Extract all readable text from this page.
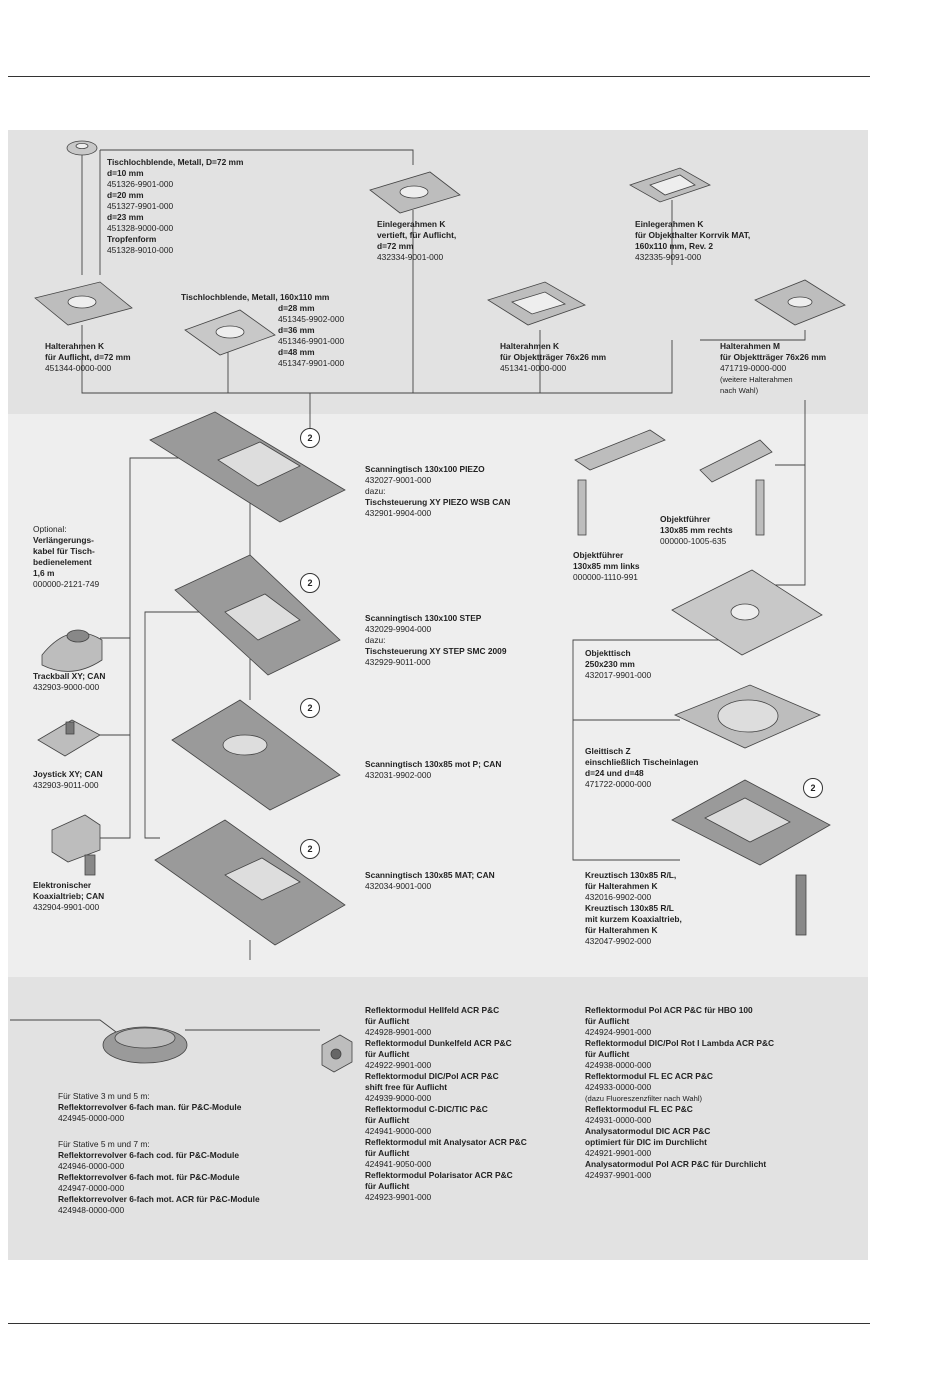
2
2
2
2
2
Tischlochblende, Metall, D=72 mm
d=10 mm
451326-9901-000
d=20 mm
451327-9901-000
d=23 mm
451328-9000-000
Tropfenform
451328-9010-000
Einlegerahmen K
vertieft, für Auflicht,
d=72 mm
432334-9001-000
Einlegerahmen K
für Objekthalter Korrvik MAT,
160x110 mm, Rev. 2
432335-9091-000
Tischlochblende, Metall, 160x110 mm
d=28 mm
451345-9902-000
d=36 mm
451346-9901-000
d=48 mm
451347-9901-000
Halterahmen K
für Auflicht, d=72 mm
451344-0000-000
Halterahmen K
für Objektträger 76x26 mm
451341-0000-000
Halterahmen M
für Objektträger 76x26 mm
471719-0000-000
(weitere Halterahmen
nach Wahl)
Scanningtisch 130x100 PIEZO
432027-9001-000
dazu:
Tischsteuerung XY PIEZO WSB CAN
432901-9904-000
Optional:
Verlängerungs-
kabel für Tisch-
bedienelement
1,6 m
000000-2121-749
Scanningtisch 130x100 STEP
432029-9904-000
dazu:
Tischsteuerung XY STEP SMC 2009
432929-9011-000
Trackball XY; CAN
432903-9000-000
Joystick XY; CAN
432903-9011-000
Scanningtisch 130x85 mot P; CAN
432031-9902-000
Elektronischer
Koaxialtrieb; CAN
432904-9901-000
Scanningtisch 130x85 MAT; CAN
432034-9001-000
Objektführer
130x85 mm rechts
000000-1005-635
Objektführer
130x85 mm links
000000-1110-991
Objekttisch
250x230 mm
432017-9901-000
Gleittisch Z
einschließlich Tischeinlagen
d=24 und d=48
471722-0000-000
Kreuztisch 130x85 R/L,
für Halterahmen K
432016-9902-000
Kreuztisch 130x85 R/L
mit kurzem Koaxialtrieb,
für Halterahmen K
432047-9902-000
Für Stative 3 m und 5 m:
Reflektorrevolver 6-fach man. für P&C-Module
424945-0000-000
Für Stative 5 m und 7 m:
Reflektorrevolver 6-fach cod. für P&C-Module
424946-0000-000
Reflektorrevolver 6-fach mot. für P&C-Module
424947-0000-000
Reflektorrevolver 6-fach mot. ACR für P&C-Module
424948-0000-000
Reflektormodul Hellfeld ACR P&C
für Auflicht
424928-9901-000
Reflektormodul Dunkelfeld ACR P&C
für Auflicht
424922-9901-000
Reflektormodul DIC/Pol ACR P&C
shift free für Auflicht
424939-9000-000
Reflektormodul C-DIC/TIC P&C
für Auflicht
424941-9000-000
Reflektormodul mit Analysator ACR P&C
für Auflicht
424941-9050-000
Reflektormodul Polarisator ACR P&C
für Auflicht
424923-9901-000
Reflektormodul Pol ACR P&C für HBO 100
für Auflicht
424924-9901-000
Reflektormodul DIC/Pol Rot I Lambda ACR P&C
für Auflicht
424938-0000-000
Reflektormodul FL EC ACR P&C
424933-0000-000
(dazu Fluoreszenzfilter nach Wahl)
Reflektormodul FL EC P&C
424931-0000-000
Analysatormodul DIC ACR P&C
optimiert für DIC im Durchlicht
424921-9901-000
Analysatormodul Pol ACR P&C für Durchlicht
424937-9901-000
